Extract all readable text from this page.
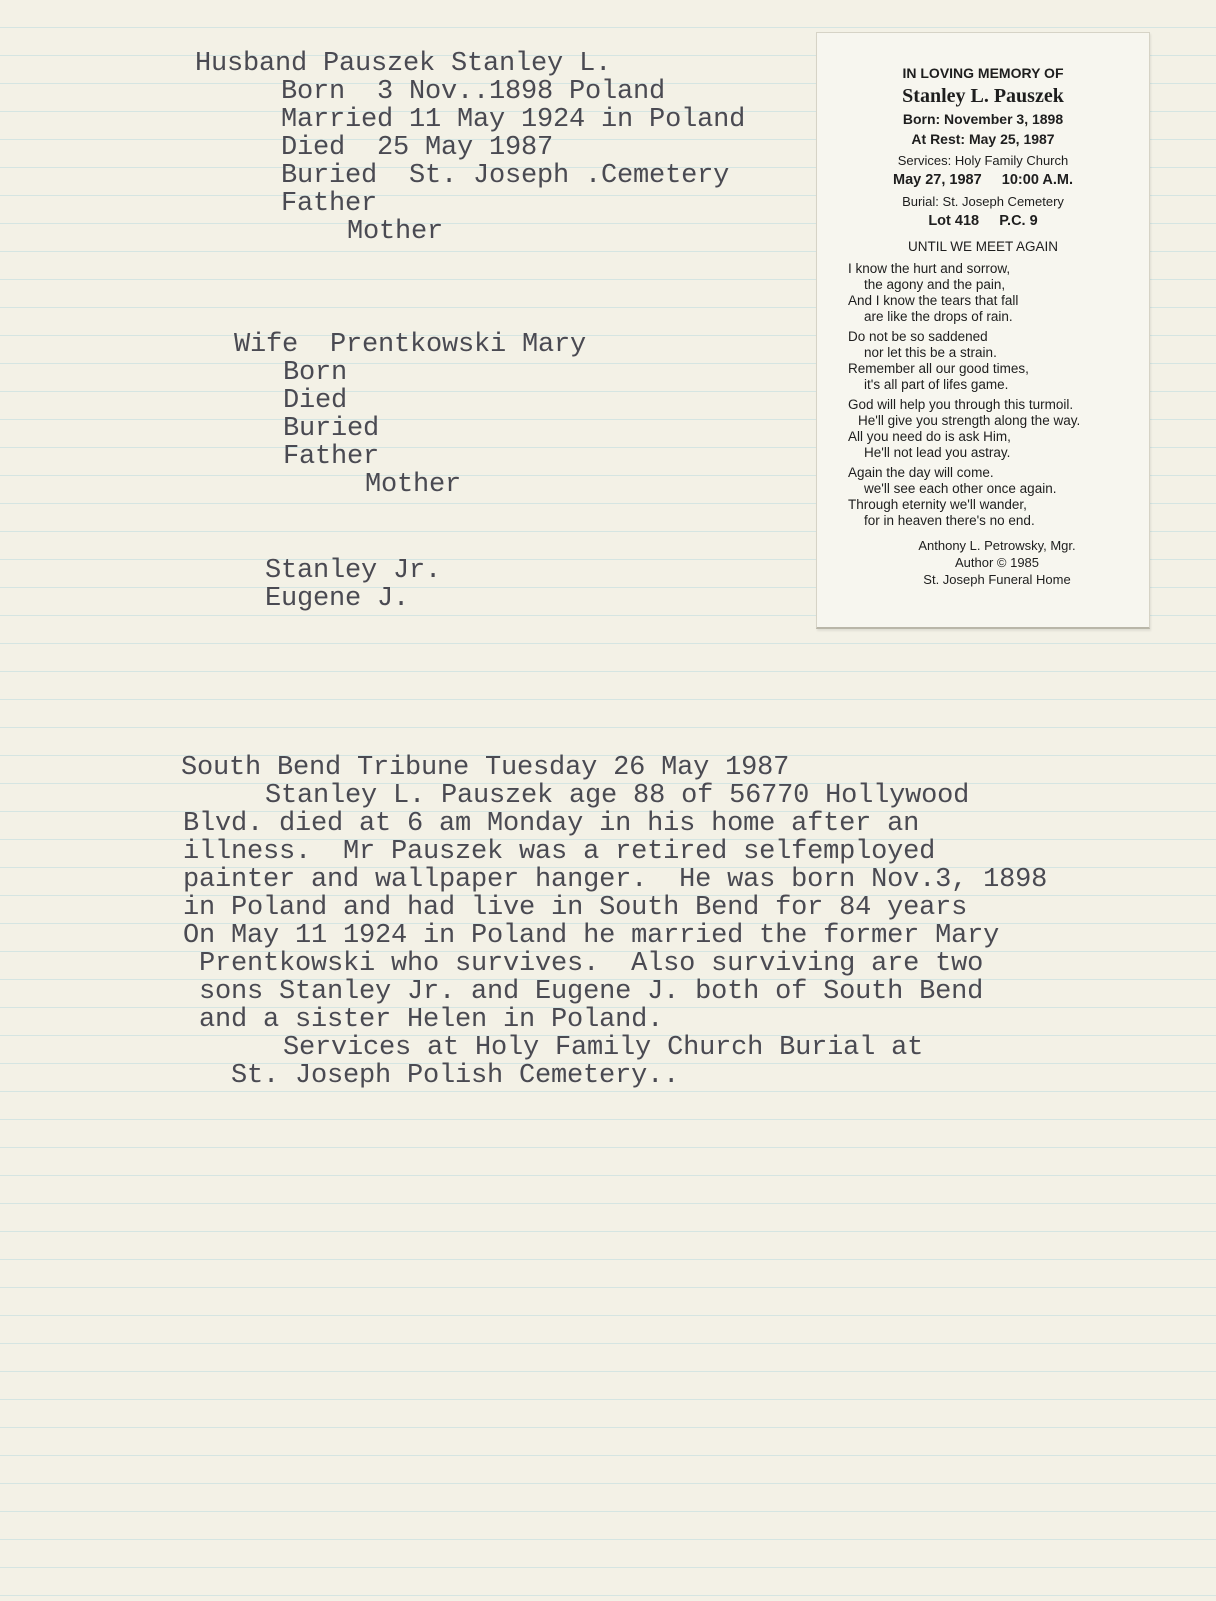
Husband Pauszek Stanley L.
Born  3 Nov..1898 Poland
Married 11 May 1924 in Poland
Died  25 May 1987
Buried  St. Joseph .Cemetery
Father
Mother
Wife  Prentkowski Mary
Born
Died
Buried
Father
Mother
Stanley Jr.
Eugene J.
IN LOVING MEMORY OF
Stanley L. Pauszek
Born: November 3, 1898
At Rest: May 25, 1987
Services: Holy Family Church
May 27, 1987     10:00 A.M.
Burial: St. Joseph Cemetery
Lot 418     P.C. 9
UNTIL WE MEET AGAIN
I know the hurt and sorrow,
the agony and the pain,
And I know the tears that fall
are like the drops of rain.
Do not be so saddened
nor let this be a strain.
Remember all our good times,
it's all part of lifes game.
God will help you through this turmoil.
He'll give you strength along the way.
All you need do is ask Him,
He'll not lead you astray.
Again the day will come.
we'll see each other once again.
Through eternity we'll wander,
for in heaven there's no end.
Anthony L. Petrowsky, Mgr.
Author © 1985
St. Joseph Funeral Home
South Bend Tribune Tuesday 26 May 1987
Stanley L. Pauszek age 88 of 56770 Hollywood
Blvd. died at 6 am Monday in his home after an
illness.  Mr Pauszek was a retired selfemployed
painter and wallpaper hanger.  He was born Nov.3, 1898
in Poland and had live in South Bend for 84 years
On May 11 1924 in Poland he married the former Mary
Prentkowski who survives.  Also surviving are two
sons Stanley Jr. and Eugene J. both of South Bend
and a sister Helen in Poland.
Services at Holy Family Church Burial at
St. Joseph Polish Cemetery..
